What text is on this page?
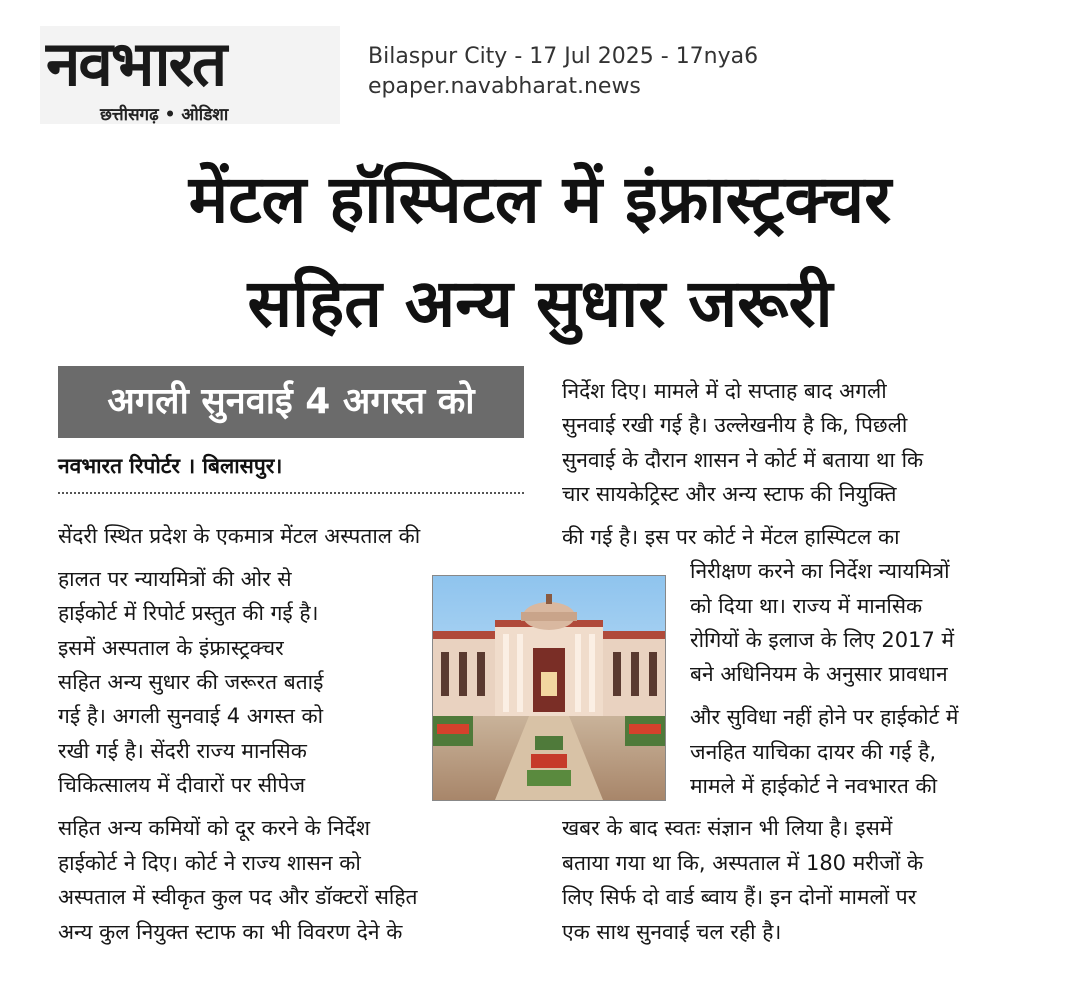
नवभारत
छत्तीसगढ़ • ओडिशा
Bilaspur City - 17 Jul 2025 - 17nya6
epaper.navabharat.news
मेंटल हॉस्पिटल में इंफ्रास्ट्रक्चर
सहित अन्य सुधार जरूरी
अगली सुनवाई 4 अगस्त को
नवभारत रिपोर्टर । बिलासपुर।
सेंदरी स्थित प्रदेश के एकमात्र मेंटल अस्पताल की
हालत पर न्यायमित्रों की ओर से
हाईकोर्ट में रिपोर्ट प्रस्तुत की गई है।
इसमें अस्पताल के इंफ्रास्ट्रक्चर
सहित अन्य सुधार की जरूरत बताई
गई है। अगली सुनवाई 4 अगस्त को
रखी गई है। सेंदरी राज्य मानसिक
चिकित्सालय में दीवारों पर सीपेज
सहित अन्य कमियों को दूर करने के निर्देश
हाईकोर्ट ने दिए। कोर्ट ने राज्य शासन को
अस्पताल में स्वीकृत कुल पद और डॉक्टरों सहित
अन्य कुल नियुक्त स्टाफ का भी विवरण देने के
निर्देश दिए। मामले में दो सप्ताह बाद अगली
सुनवाई रखी गई है। उल्लेखनीय है कि, पिछली
सुनवाई के दौरान शासन ने कोर्ट में बताया था कि
चार सायकेट्रिस्ट और अन्य स्टाफ की नियुक्ति
की गई है। इस पर कोर्ट ने मेंटल हास्पिटल का
निरीक्षण करने का निर्देश न्यायमित्रों
को दिया था। राज्य में मानसिक
रोगियों के इलाज के लिए 2017 में
बने अधिनियम के अनुसार प्रावधान
और सुविधा नहीं होने पर हाईकोर्ट में
जनहित याचिका दायर की गई है,
मामले में हाईकोर्ट ने नवभारत की
खबर के बाद स्वतः संज्ञान भी लिया है। इसमें
बताया गया था कि, अस्पताल में 180 मरीजों के
लिए सिर्फ दो वार्ड ब्वाय हैं। इन दोनों मामलों पर
एक साथ सुनवाई चल रही है।
